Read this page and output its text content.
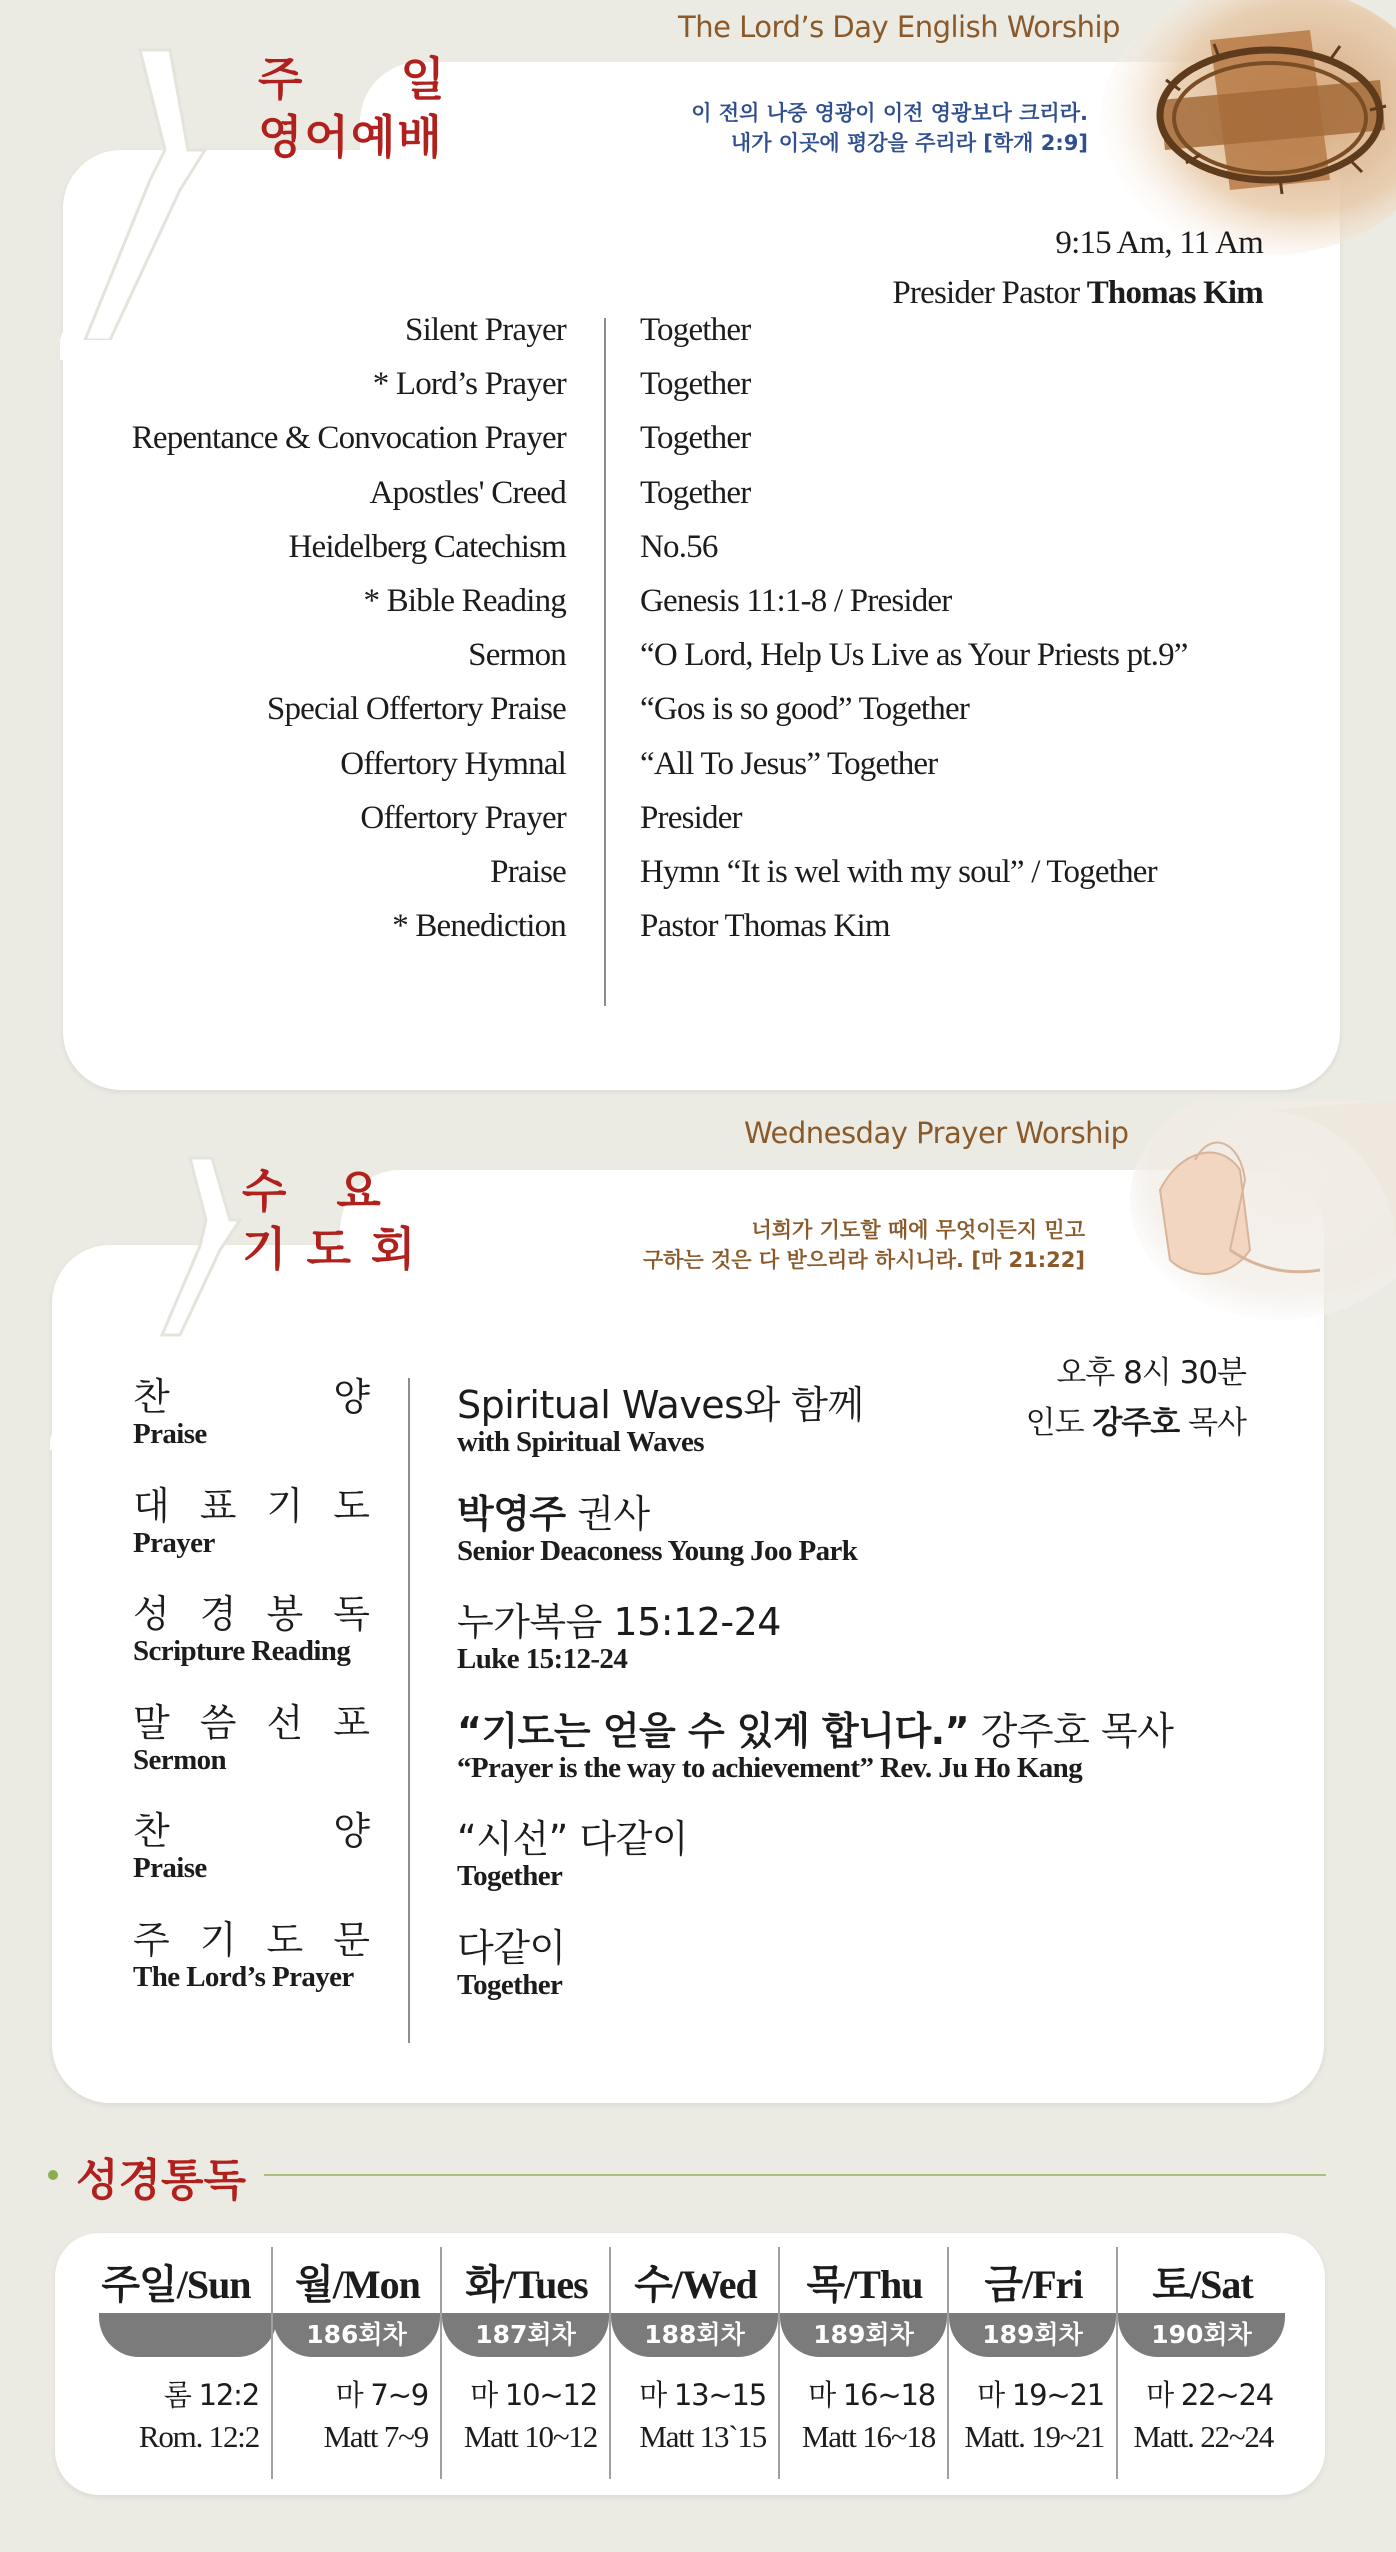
주　　일
영어예배
The Lord’s Day English Worship
이 전의 나중 영광이 이전 영광보다 크리라.
내가 이곳에 평강을 주리라 [학개 2:9]
9:15 Am, 11 Am
Presider Pastor Thomas Kim
Silent Prayer Together
* Lord’s Prayer Together
Repentance & Convocation Prayer Together
Apostles' Creed Together
Heidelberg Catechism No.56
* Bible Reading Genesis 11:1-8 / Presider
Sermon “O Lord, Help Us Live as Your Priests pt.9”
Special Offertory Praise “Gos is so good” Together
Offertory Hymnal “All To Jesus” Together
Offertory Prayer Presider
Praise Hymn “It is wel with my soul” / Together
* Benediction Pastor Thomas Kim
수　요
기 도 회
Wednesday Prayer Worship
너희가 기도할 때에 무엇이든지 믿고
구하는 것은 다 받으리라 하시니라. [마 21:22]
오후 8시 30분
인도 강주호 목사
찬	양
Praise
Spiritual Waves와 함께
with Spiritual Waves
대 표 기 도
Prayer
박영주 권사
Senior Deaconess Young Joo Park
성 경 봉 독
Scripture Reading
누가복음 15:12-24
Luke 15:12-24
말 씀 선 포
Sermon
“기도는 얻을 수 있게 합니다.” 강주호 목사
“Prayer is the way to achievement” Rev. Ju Ho Kang
찬	양
Praise
“시선” 다같이
Together
주 기 도 문
The Lord’s Prayer
다같이
Together
성경통독
주일/Sun
롬 12:2
Rom. 12:2
월/Mon
186회차
마 7~9
Matt 7~9
화/Tues
187회차
마 10~12
Matt 10~12
수/Wed
188회차
마 13~15
Matt 13`15
목/Thu
189회차
마 16~18
Matt 16~18
금/Fri
189회차
마 19~21
Matt. 19~21
토/Sat
190회차
마 22~24
Matt. 22~24
